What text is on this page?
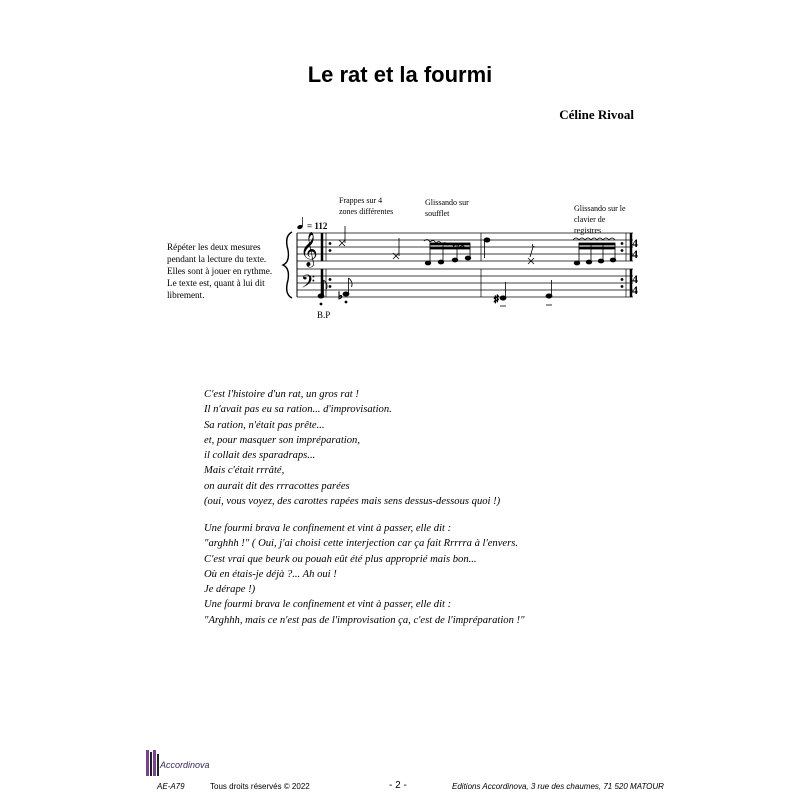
Le rat et la fourmi
Céline Rivoal
Répéter les deux mesures
pendant la lecture du texte.
Elles sont à jouer en rythme.
Le texte est, quant à lui dit
librement.
𝄞
𝄢
= 112
Frappes sur 4 zones différentes
Glissando sur soufflet
Glissando sur le clavier de registres
♭	♯
4
4
4
4
B.P
C'est l'histoire d'un rat, un gros rat !
Il n'avait pas eu sa ration... d'improvisation.
Sa ration, n'était pas prête...
et, pour masquer son impréparation,
il collait des sparadraps...
Mais c'était rrrâté,
on aurait dit des rrracottes parées
(oui, vous voyez, des carottes rapées mais sens dessus-dessous quoi !)
Une fourmi brava le confinement et vint à passer, elle dit :
"arghhh !" ( Oui, j'ai choisi cette interjection car ça fait Rrrrra à l'envers.
C'est vrai que beurk ou pouah eût été plus approprié mais bon...
Où en étais-je déjà ?... Ah oui !
Je dérape !)
Une fourmi brava le confinement et vint à passer, elle dit :
"Arghhh, mais ce n'est pas de l'improvisation ça, c'est de l'impréparation !"
Accordinova
AE-A79	Tous droits réservés © 2022	- 2 -	Editions Accordinova, 3 rue des chaumes, 71 520 MATOUR
